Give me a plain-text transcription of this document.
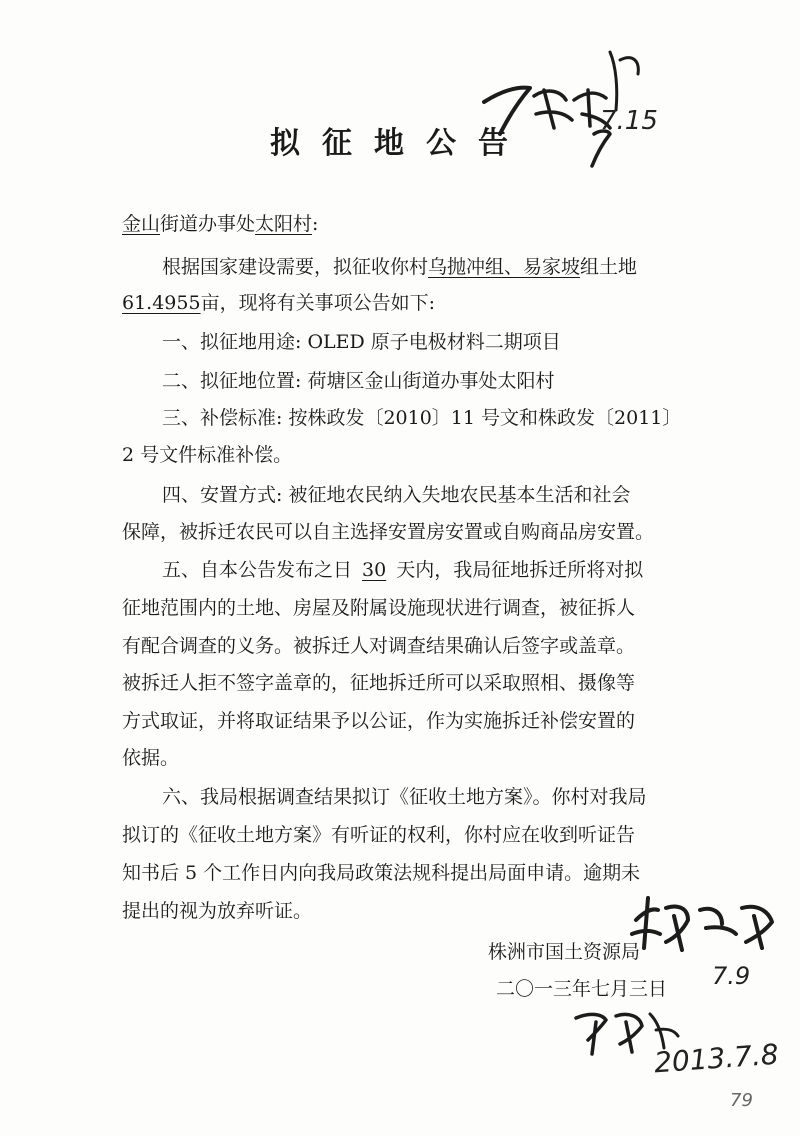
拟征地公告
金山街道办事处太阳村:
根据国家建设需要，拟征收你村乌抛冲组、易家坡组土地
61.4955亩，现将有关事项公告如下:
一、拟征地用途: OLED 原子电极材料二期项目
二、拟征地位置: 荷塘区金山街道办事处太阳村
三、补偿标准: 按株政发〔2010〕11 号文和株政发〔2011〕
2 号文件标准补偿。
四、安置方式: 被征地农民纳入失地农民基本生活和社会
保障，被拆迁农民可以自主选择安置房安置或自购商品房安置。
五、自本公告发布之日 30 天内，我局征地拆迁所将对拟
征地范围内的土地、房屋及附属设施现状进行调查，被征拆人
有配合调查的义务。被拆迁人对调查结果确认后签字或盖章。
被拆迁人拒不签字盖章的，征地拆迁所可以采取照相、摄像等
方式取证，并将取证结果予以公证，作为实施拆迁补偿安置的
依据。
六、我局根据调查结果拟订《征收土地方案》。你村对我局
拟订的《征收土地方案》有听证的权利，你村应在收到听证告
知书后 5 个工作日内向我局政策法规科提出局面申请。逾期未
提出的视为放弃听证。
株洲市国土资源局
二〇一三年七月三日
7.15
7.9
2013.7.8
79
